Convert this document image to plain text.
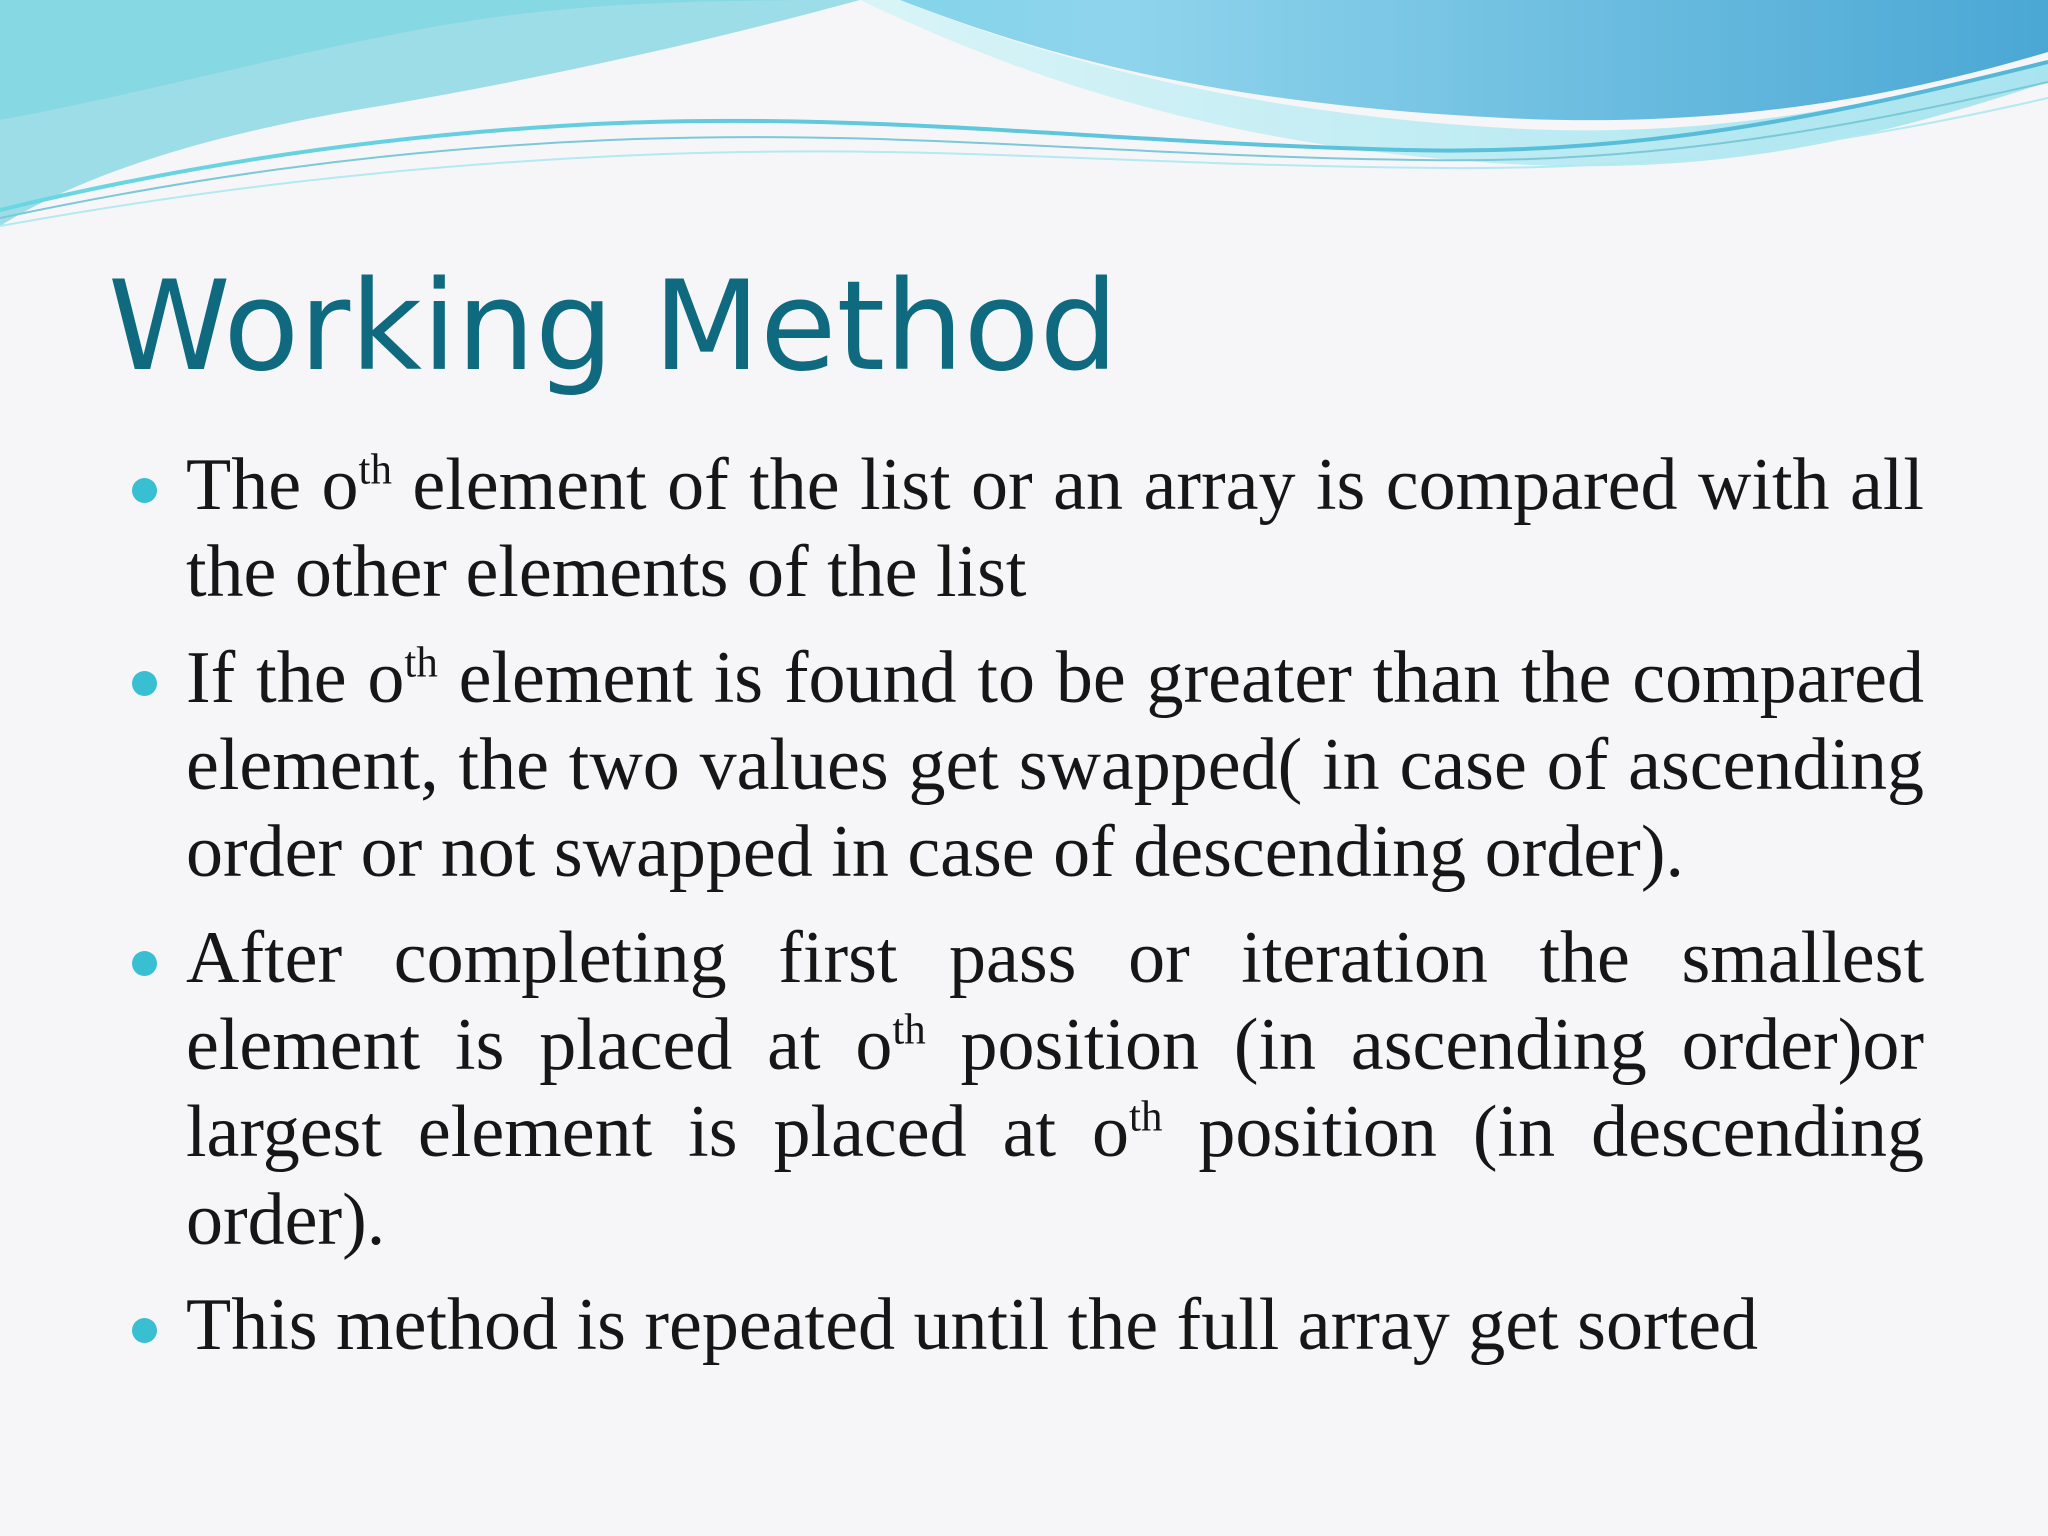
Working Method
The $o^{th}$ element of the list or an array is compared with all the other elements of the list
If the $o^{th}$ element is found to be greater than the compared element, the two values get swapped( in case of ascending order or not swapped in case of descending order).
After completing first pass or iteration the smallest element is placed at $o^{th}$ position (in ascending order)or largest element is placed at $o^{th}$ position (in descending order).
This method is repeated until the full array get sorted
